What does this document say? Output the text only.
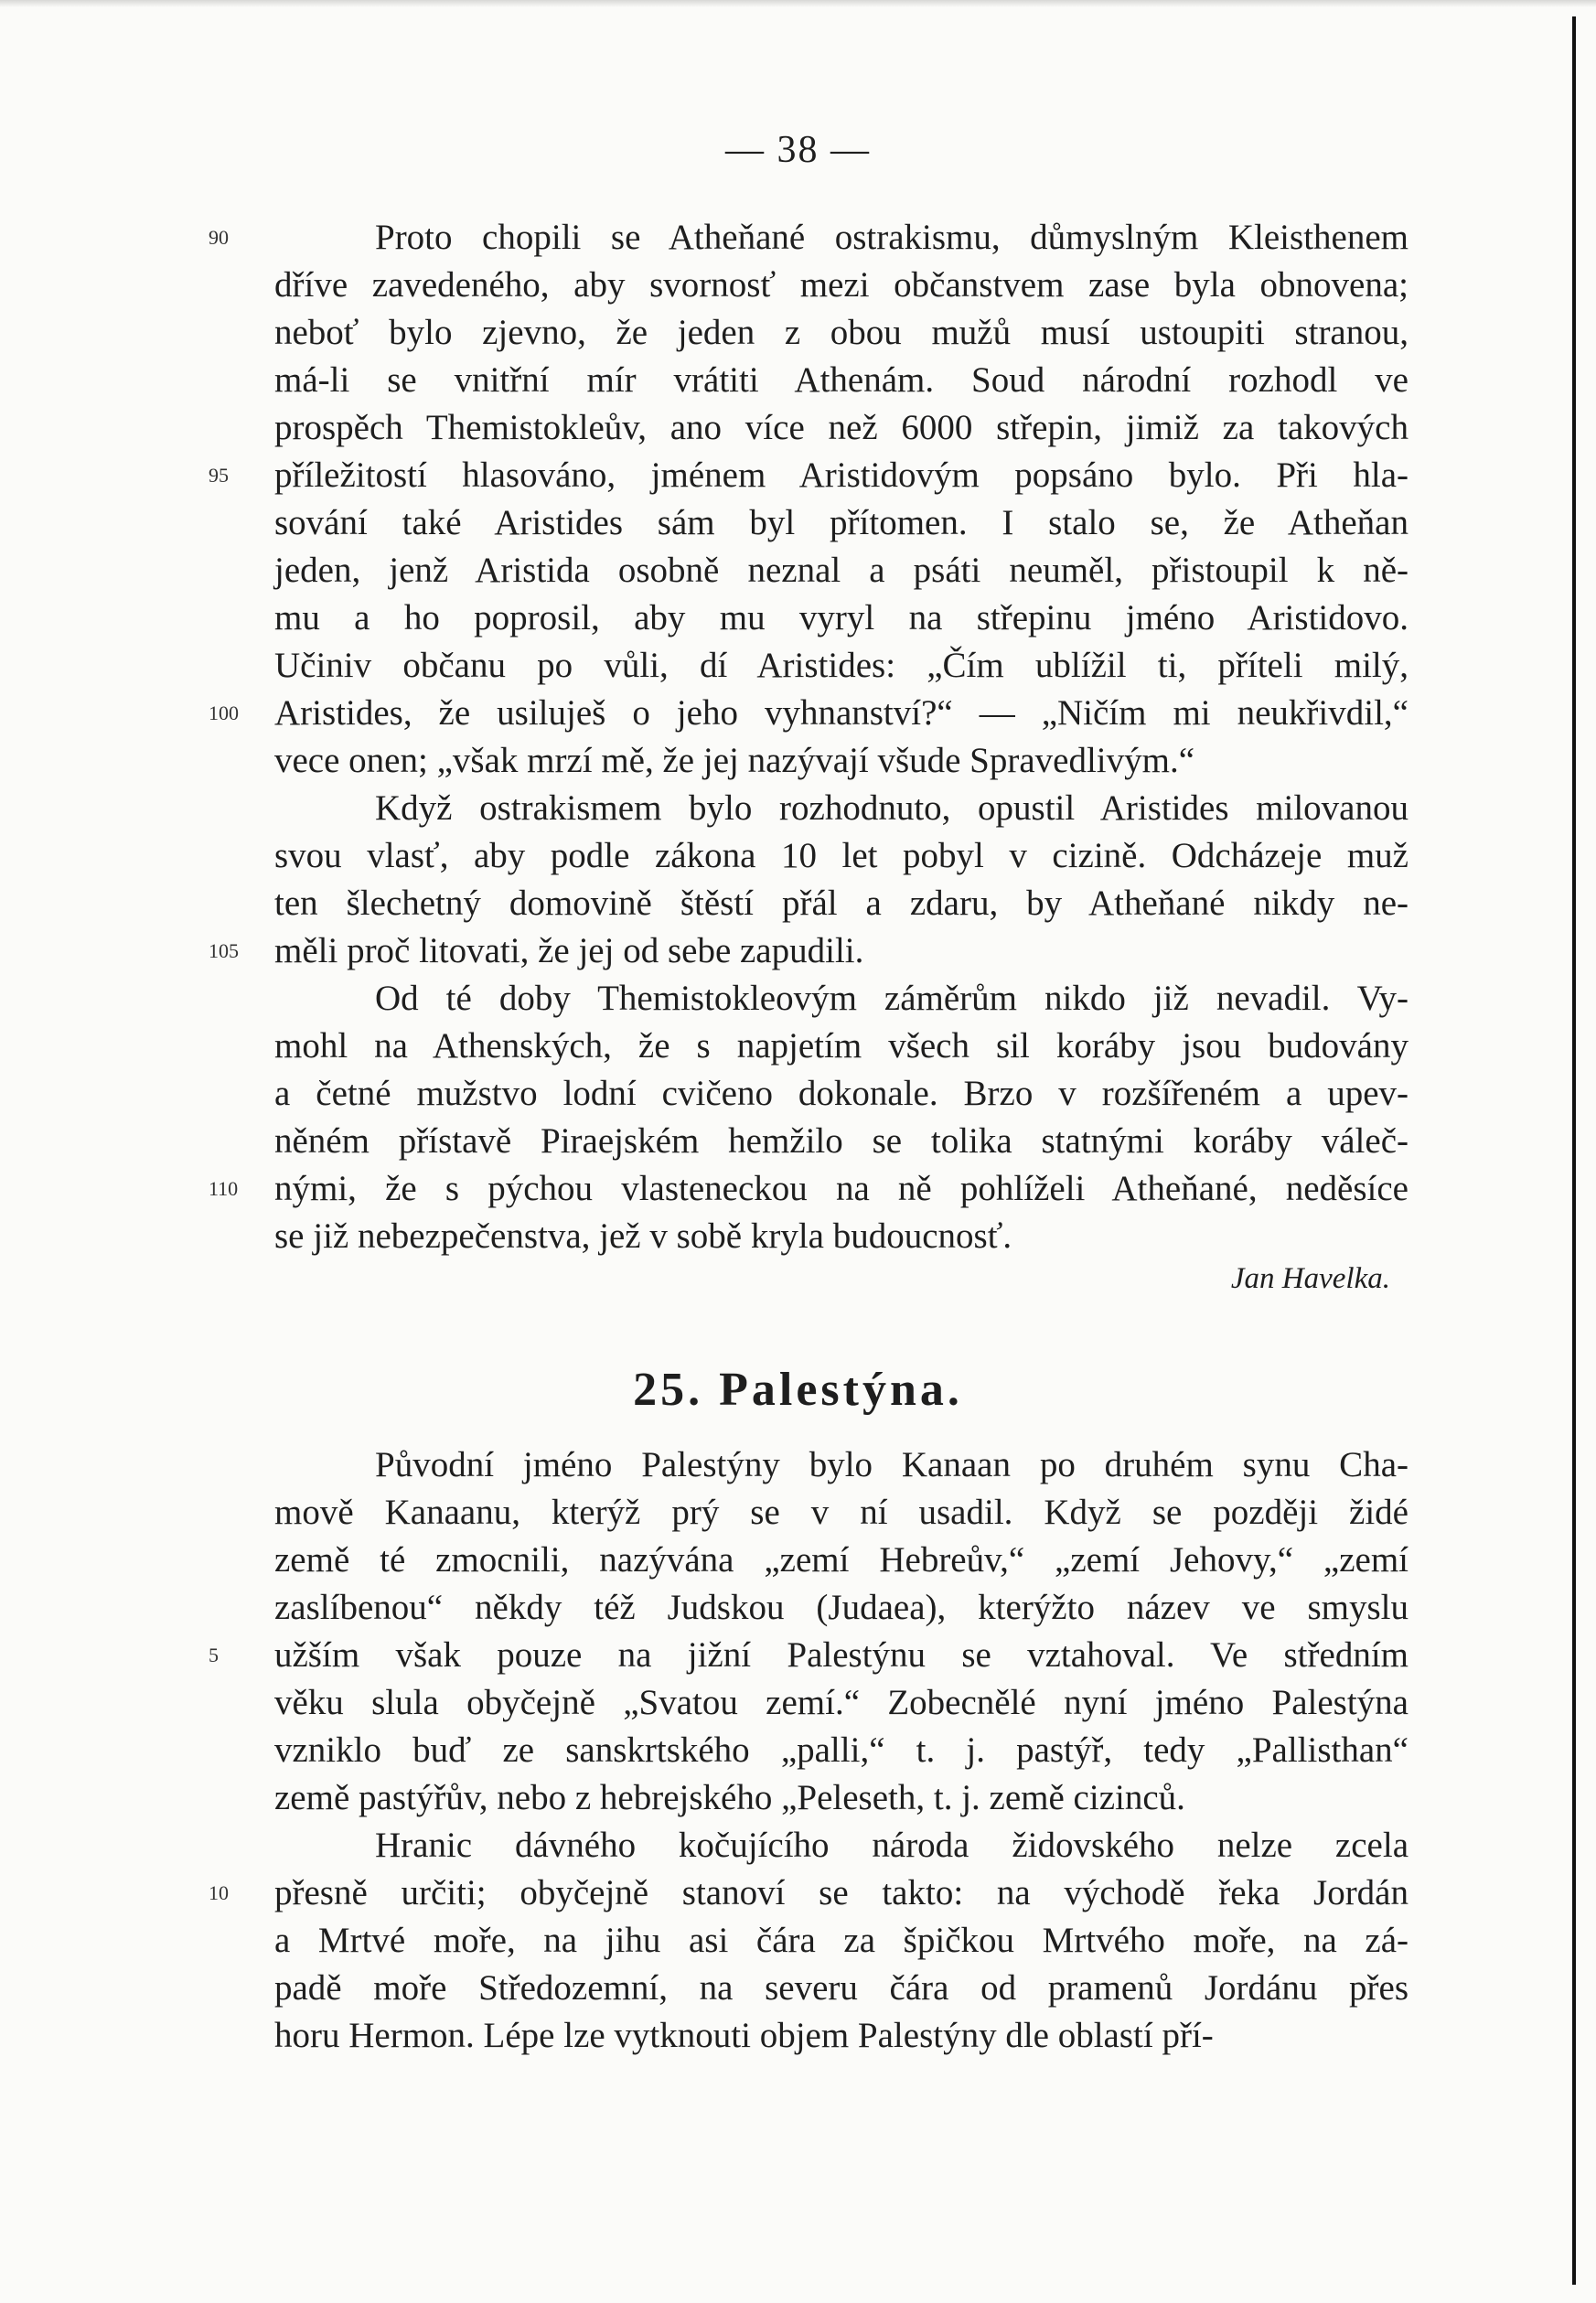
— 38 —
Proto chopili se Atheňané ostrakismu, důmyslným Kleisthenem
dříve zavedeného, aby svornosť mezi občanstvem zase byla obnovena;
neboť bylo zjevno, že jeden z obou mužů musí ustoupiti stranou,
má-li se vnitřní mír vrátiti Athenám. Soud národní rozhodl ve
prospěch Themistokleův, ano více než 6000 střepin, jimiž za takových
příležitostí hlasováno, jménem Aristidovým popsáno bylo. Při hla-
sování také Aristides sám byl přítomen. I stalo se, že Atheňan
jeden, jenž Aristida osobně neznal a psáti neuměl, přistoupil k ně-
mu a ho poprosil, aby mu vyryl na střepinu jméno Aristidovo.
Učiniv občanu po vůli, dí Aristides: „Čím ublížil ti, příteli milý,
Aristides, že usiluješ o jeho vyhnanství?“ — „Ničím mi neukřivdil,“
vece onen; „však mrzí mě, že jej nazývají všude Spravedlivým.“
Když ostrakismem bylo rozhodnuto, opustil Aristides milovanou
svou vlasť, aby podle zákona 10 let pobyl v cizině. Odcházeje muž
ten šlechetný domovině štěstí přál a zdaru, by Atheňané nikdy ne-
měli proč litovati, že jej od sebe zapudili.
Od té doby Themistokleovým záměrům nikdo již nevadil. Vy-
mohl na Athenských, že s napjetím všech sil koráby jsou budovány
a četné mužstvo lodní cvičeno dokonale. Brzo v rozšířeném a upev-
něném přístavě Piraejském hemžilo se tolika statnými koráby váleč-
nými, že s pýchou vlasteneckou na ně pohlíželi Atheňané, neděsíce
se již nebezpečenstva, jež v sobě kryla budoucnosť.
90
95
100
105
110
Jan Havelka.
25. Palestýna.
Původní jméno Palestýny bylo Kanaan po druhém synu Cha-
mově Kanaanu, kterýž prý se v ní usadil. Když se později židé
země té zmocnili, nazývána „zemí Hebreův,“ „zemí Jehovy,“ „zemí
zaslíbenou“ někdy též Judskou (Judaea), kterýžto název ve smyslu
užším však pouze na jižní Palestýnu se vztahoval. Ve středním
věku slula obyčejně „Svatou zemí.“ Zobecnělé nyní jméno Palestýna
vzniklo buď ze sanskrtského „palli,“ t. j. pastýř, tedy „Pallisthan“
země pastýřův, nebo z hebrejského „Peleseth, t. j. země cizinců.
Hranic dávného kočujícího národa židovského nelze zcela
přesně určiti; obyčejně stanoví se takto: na východě řeka Jordán
a Mrtvé moře, na jihu asi čára za špičkou Mrtvého moře, na zá-
padě moře Středozemní, na severu čára od pramenů Jordánu přes
horu Hermon. Lépe lze vytknouti objem Palestýny dle oblastí pří-
5
10
